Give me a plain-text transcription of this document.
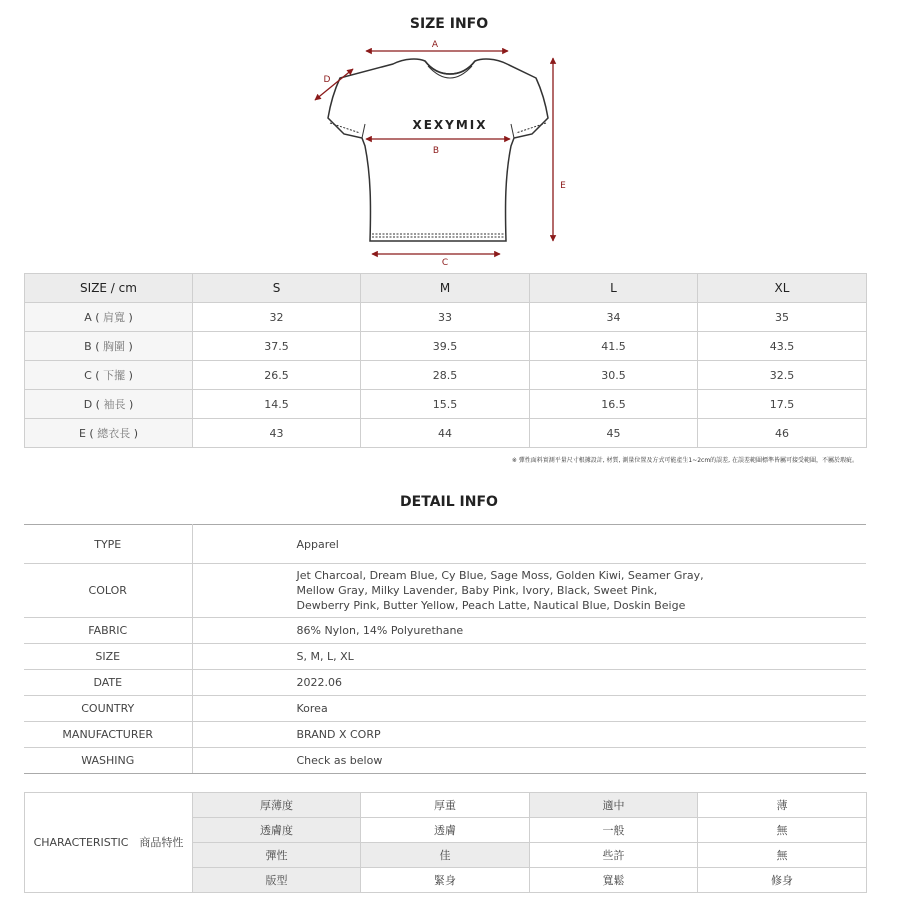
SIZE INFO
XEXYMIX
A
B
C
D
E
SIZE / cm	S	M	L	XL
A ( 肩寬 )	32	33	34	35
B ( 胸圍 )	37.5	39.5	41.5	43.5
C ( 下擺 )	26.5	28.5	30.5	32.5
D ( 袖長 )	14.5	15.5	16.5	17.5
E ( 總衣長 )	43	44	45	46
※ 彈性面料實測平量尺寸根據設計, 材質, 測量位置及方式可能產生1~2cm的誤差, 在誤差範圍標準皆屬可接受範圍，不屬於瑕疵。
DETAIL INFO
TYPE	Apparel
COLOR	Jet Charcoal, Dream Blue, Cy Blue, Sage Moss, Golden Kiwi, Seamer Gray,
Mellow Gray, Milky Lavender, Baby Pink, Ivory, Black, Sweet Pink,
Dewberry Pink, Butter Yellow, Peach Latte, Nautical Blue, Doskin Beige

FABRIC	86% Nylon, 14% Polyurethane
SIZE	S, M, L, XL
DATE	2022.06
COUNTRY	Korea
MANUFACTURER	BRAND X CORP
WASHING	Check as below
CHARACTERISTIC　商品特性	厚薄度	厚重	適中	薄
	透膚度	透膚	一般	無
	彈性	佳	些許	無
	版型	緊身	寬鬆	修身
